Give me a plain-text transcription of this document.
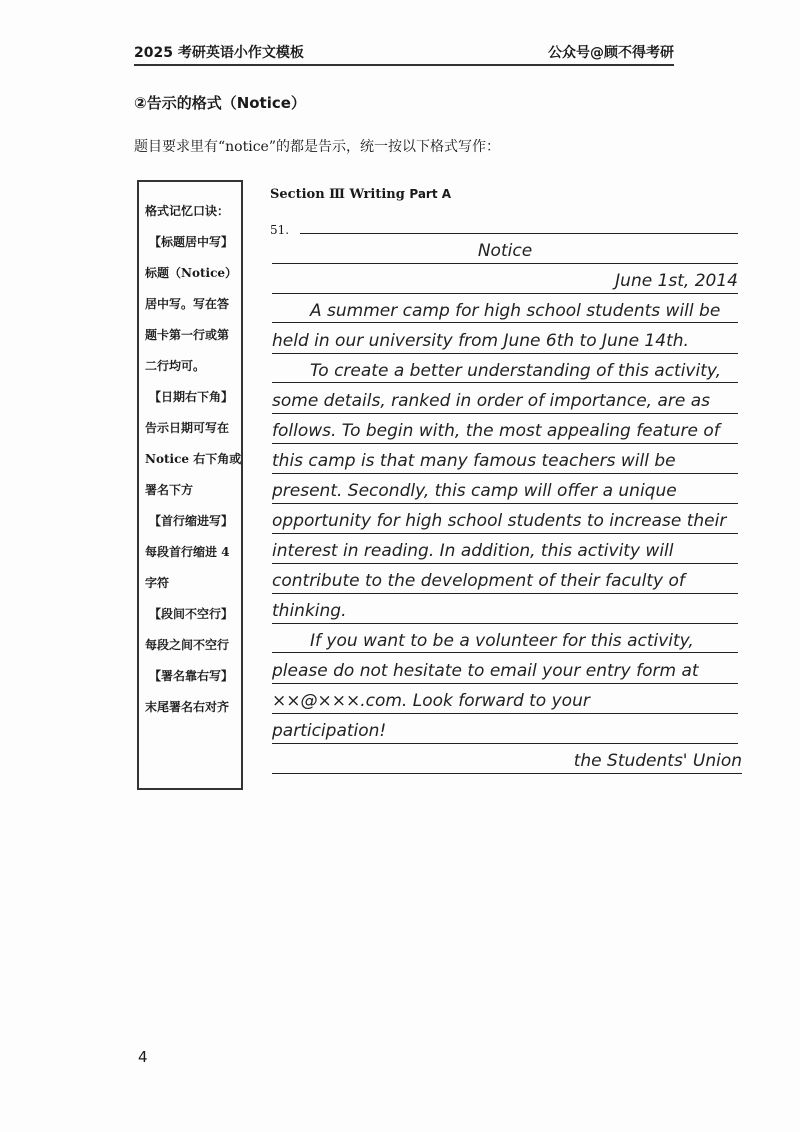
2025 考研英语小作文模板	公众号@顾不得考研
②告示的格式（Notice）
题目要求里有“notice”的都是告示，统一按以下格式写作：
格式记忆口诀：
【标题居中写】
标题（Notice）
居中写。写在答
题卡第一行或第
二行均可。
【日期右下角】
告示日期可写在
Notice 右下角或
署名下方
【首行缩进写】
每段首行缩进 4
字符
【段间不空行】
每段之间不空行
【署名靠右写】
末尾署名右对齐
Section Ⅲ Writing Part A
51.
Notice
June 1st, 2014
A summer camp for high school students will be
held in our university from June 6th to June 14th.
To create a better understanding of this activity,
some details, ranked in order of importance, are as
follows. To begin with, the most appealing feature of
this camp is that many famous teachers will be
present. Secondly, this camp will offer a unique
opportunity for high school students to increase their
interest in reading. In addition, this activity will
contribute to the development of their faculty of
thinking.
If you want to be a volunteer for this activity,
please do not hesitate to email your entry form at
××@×××.com. Look forward to your
participation!
the Students' Union
4
